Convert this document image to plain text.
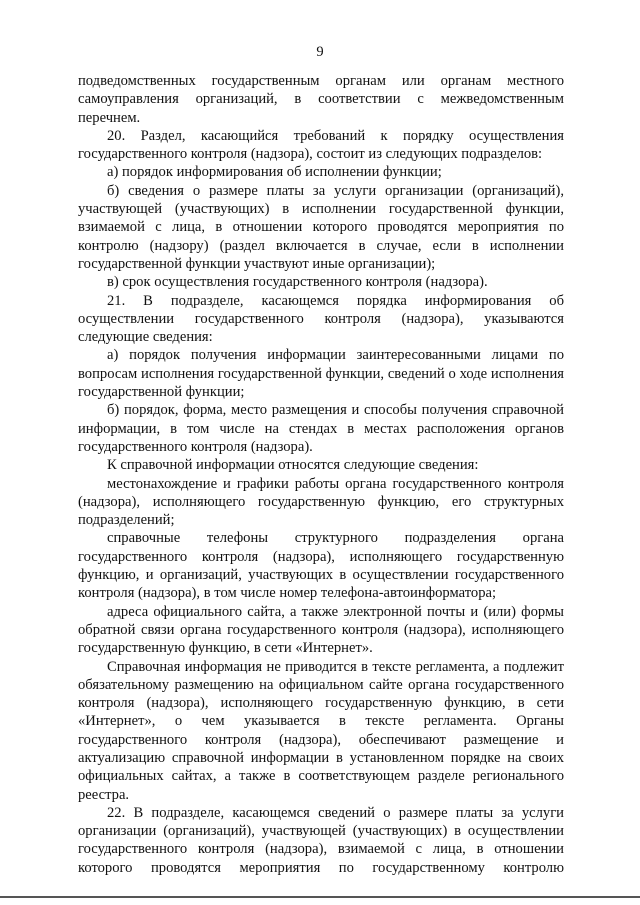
9

подведомственных государственным органам или органам местного самоуправления организаций, в соответствии с межведомственным перечнем.

20. Раздел, касающийся требований к порядку осуществления государственного контроля (надзора), состоит из следующих подразделов:

а) порядок информирования об исполнении функции;

б) сведения о размере платы за услуги организации (организаций), участвующей (участвующих) в исполнении государственной функции, взимаемой с лица, в отношении которого проводятся мероприятия по контролю (надзору) (раздел включается в случае, если в исполнении государственной функции участвуют иные организации);

в) срок осуществления государственного контроля (надзора).

21. В подразделе, касающемся порядка информирования об осуществлении государственного контроля (надзора), указываются следующие сведения:

а) порядок получения информации заинтересованными лицами по вопросам исполнения государственной функции, сведений о ходе исполнения государственной функции;

б) порядок, форма, место размещения и способы получения справочной информации, в том числе на стендах в местах расположения органов государственного контроля (надзора).

К справочной информации относятся следующие сведения:

местонахождение и графики работы органа государственного контроля (надзора), исполняющего государственную функцию, его структурных подразделений;

справочные телефоны структурного подразделения органа государственного контроля (надзора), исполняющего государственную функцию, и организаций, участвующих в осуществлении государственного контроля (надзора), в том числе номер телефона-автоинформатора;

адреса официального сайта, а также электронной почты и (или) формы обратной связи органа государственного контроля (надзора), исполняющего государственную функцию, в сети «Интернет».

Справочная информация не приводится в тексте регламента, а подлежит обязательному размещению на официальном сайте органа государственного контроля (надзора), исполняющего государственную функцию, в сети «Интернет», о чем указывается в тексте регламента. Органы государственного контроля (надзора), обеспечивают размещение и актуализацию справочной информации в установленном порядке на своих официальных сайтах, а также в соответствующем разделе регионального реестра.

22. В подразделе, касающемся сведений о размере платы за услуги организации (организаций), участвующей (участвующих) в осуществлении государственного контроля (надзора), взимаемой с лица, в отношении которого проводятся мероприятия по государственному контролю
